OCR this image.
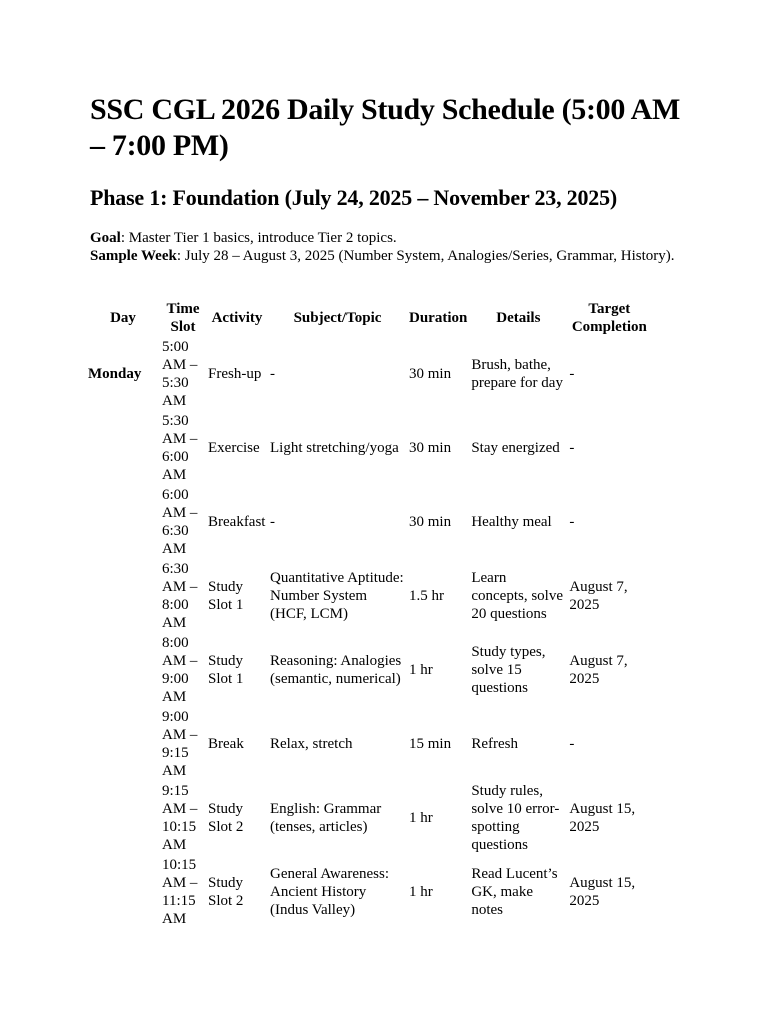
SSC CGL 2026 Daily Study Schedule (5:00 AM – 7:00 PM)
Phase 1: Foundation (July 24, 2025 – November 23, 2025)
Goal: Master Tier 1 basics, introduce Tier 2 topics.
Sample Week: July 28 – August 3, 2025 (Number System, Analogies/Series, Grammar, History).
Day	Time Slot	Activity	Subject/Topic	Duration	Details	Target Completion
Monday	5:00 AM – 5:30 AM	Fresh-up	-	30 min	Brush, bathe, prepare for day	-
	5:30 AM – 6:00 AM	Exercise	Light stretching/yoga	30 min	Stay energized	-
	6:00 AM – 6:30 AM	Breakfast	-	30 min	Healthy meal	-
	6:30 AM – 8:00 AM	Study Slot 1	Quantitative Aptitude: Number System (HCF, LCM)	1.5 hr	Learn concepts, solve 20 questions	August 7, 2025
	8:00 AM – 9:00 AM	Study Slot 1	Reasoning: Analogies (semantic, numerical)	1 hr	Study types, solve 15 questions	August 7, 2025
	9:00 AM – 9:15 AM	Break	Relax, stretch	15 min	Refresh	-
	9:15 AM – 10:15 AM	Study Slot 2	English: Grammar (tenses, articles)	1 hr	Study rules, solve 10 error-spotting questions	August 15, 2025
	10:15 AM – 11:15 AM	Study Slot 2	General Awareness: Ancient History (Indus Valley)	1 hr	Read Lucent’s GK, make notes	August 15, 2025
